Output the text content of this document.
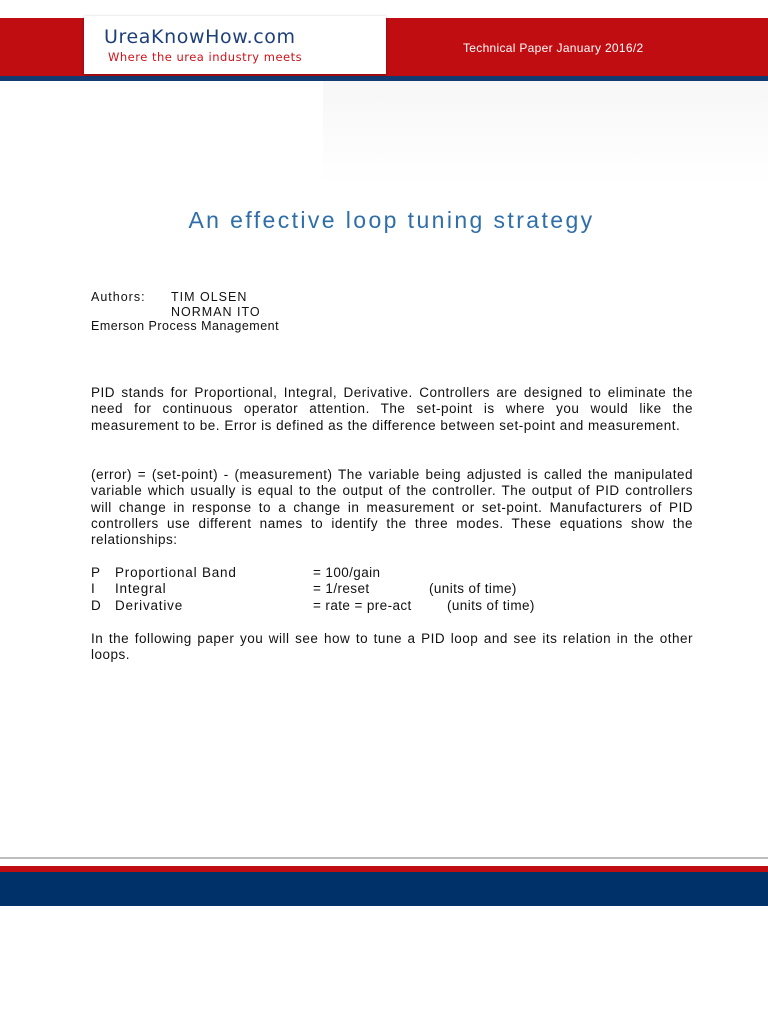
UreaKnowHow.com
Where the urea industry meets
Technical Paper January 2016/2
An effective loop tuning strategy
Authors: TIM OLSEN
NORMAN ITO
Emerson Process Management

PID stands for Proportional, Integral, Derivative. Controllers are designed to eliminate the need for continuous operator attention. The set-point is where you would like the measurement to be. Error is defined as the difference between set-point and measurement.

(error) = (set-point) - (measurement) The variable being adjusted is called the manipulated variable which usually is equal to the output of the controller. The output of PID controllers will change in response to a change in measurement or set-point. Manufacturers of PID controllers use different names to identify the three modes. These equations show the relationships:

P Proportional Band	= 100/gain
I Integral	= 1/reset	(units of time)
D Derivative	= rate = pre-act	(units of time)

In the following paper you will see how to tune a PID loop and see its relation in the other loops.
